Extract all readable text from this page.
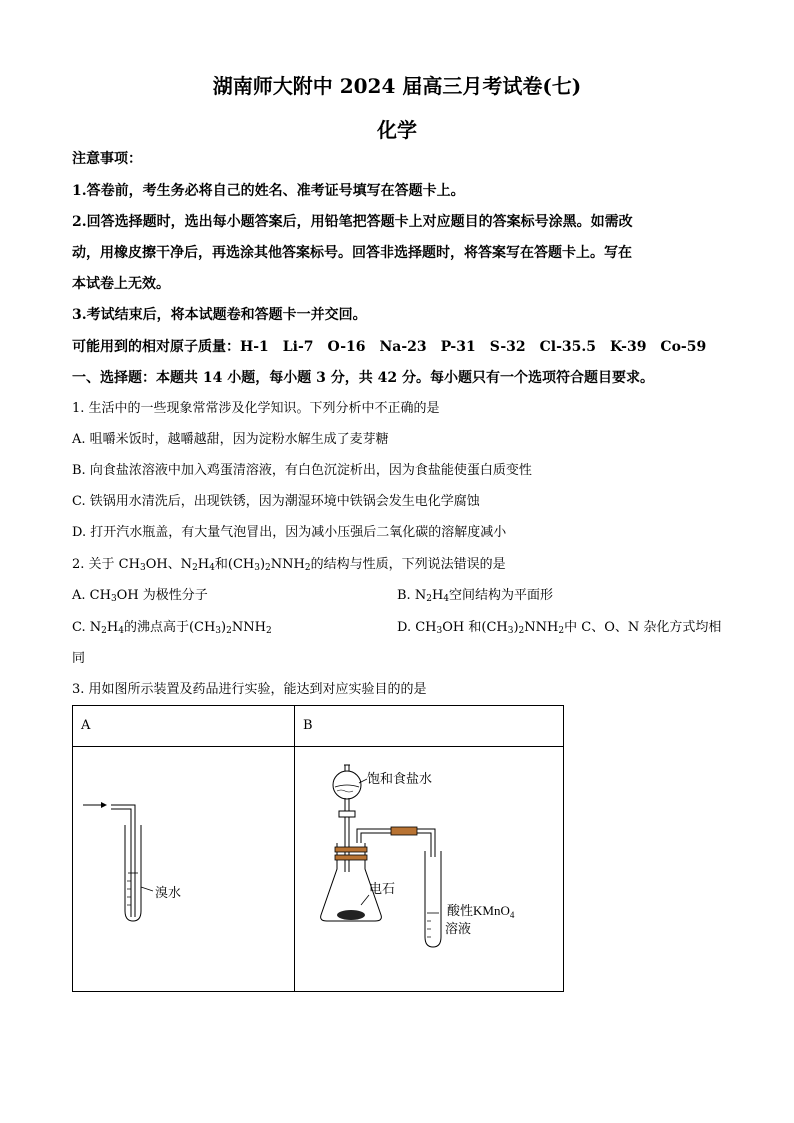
湖南师大附中 2024 届高三月考试卷(七)
化学
注意事项：
1.答卷前，考生务必将自己的姓名、准考证号填写在答题卡上。
2.回答选择题时，选出每小题答案后，用铅笔把答题卡上对应题目的答案标号涂黑。如需改
动，用橡皮擦干净后，再选涂其他答案标号。回答非选择题时，将答案写在答题卡上。写在
本试卷上无效。
3.考试结束后，将本试题卷和答题卡一并交回。
可能用到的相对原子质量：H-1　Li-7　O-16　Na-23　P-31　S-32　Cl-35.5　K-39　Co-59
一、选择题：本题共 14 小题，每小题 3 分，共 42 分。每小题只有一个选项符合题目要求。
1. 生活中的一些现象常常涉及化学知识。下列分析中不正确的是
A. 咀嚼米饭时，越嚼越甜，因为淀粉水解生成了麦芽糖
B. 向食盐浓溶液中加入鸡蛋清溶液，有白色沉淀析出，因为食盐能使蛋白质变性
C. 铁锅用水清洗后，出现铁锈，因为潮湿环境中铁锅会发生电化学腐蚀
D. 打开汽水瓶盖，有大量气泡冒出，因为减小压强后二氧化碳的溶解度减小
2. 关于 $CH_3OH$、$N_2H_4$和$(CH_3)_2NNH_2$的结构与性质，下列说法错误的是
A. $CH_3OH$ 为极性分子	B. $N_2H_4$空间结构为平面形
C. $N_2H_4$的沸点高于$(CH_3)_2NNH_2$	D. $CH_3OH$ 和$(CH_3)_2NNH_2$中 C、O、N 杂化方式均相
同
3. 用如图所示装置及药品进行实验，能达到对应实验目的的是
A	B

溴水	饱和食盐水
电石
酸性KMnO$_4$
溶液
